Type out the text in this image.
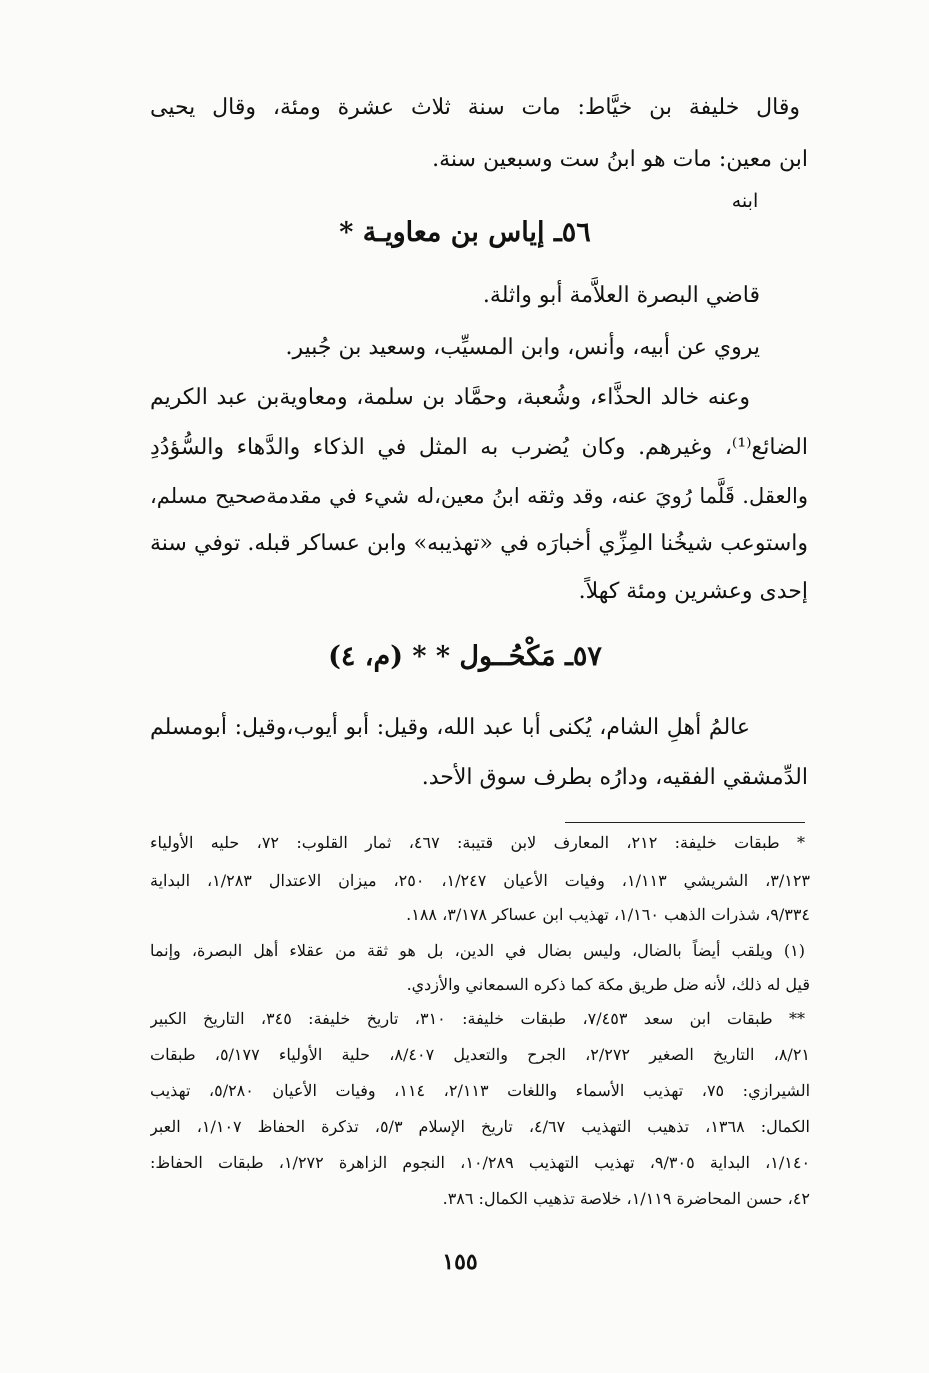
وقال خليفة بن خيَّاط: مات سنة ثلاث عشرة ومئة، وقال يحيى
ابن معين: مات هو ابنُ ست وسبعين سنة.
ابنه
٥٦ـ إياس بن معاويـة *
قاضي البصرة العلاَّمة أبو واثلة.
يروي عن أبيه، وأنس، وابن المسيِّب، وسعيد بن جُبير.
وعنه خالد الحذَّاء، وشُعبة، وحمَّاد بن سلمة، ومعاويةبن عبد الكريم
الضائع⁽¹⁾، وغيرهم. وكان يُضرب به المثل في الذكاء والدَّهاء والسُّؤدُدِ
والعقل. قَلَّما رُويَ عنه، وقد وثقه ابنُ معين،له شيء في مقدمةصحيح مسلم،
واستوعب شيخُنا المِزِّي أخبارَه في «تهذيبه» وابن عساكر قبله. توفي سنة
إحدى وعشرين ومئة كهلاً.
٥٧ـ مَكْحُــول * * (م، ٤)
عالمُ أهلِ الشام، يُكنى أبا عبد الله، وقيل: أبو أيوب،وقيل: أبومسلم
الدِّمشقي الفقيه، ودارُه بطرف سوق الأحد.
* طبقات خليفة: ٢١٢، المعارف لابن قتيبة: ٤٦٧، ثمار القلوب: ٧٢، حليه الأولياء
٣/١٢٣، الشريشي ١/١١٣، وفيات الأعيان ١/٢٤٧، ٢٥٠، ميزان الاعتدال ١/٢٨٣، البداية
٩/٣٣٤، شذرات الذهب ١/١٦٠، تهذيب ابن عساكر ٣/١٧٨، ١٨٨.
(١) ويلقب أيضاً بالضال، وليس بضال في الدين، بل هو ثقة من عقلاء أهل البصرة، وإنما
قيل له ذلك، لأنه ضل طريق مكة كما ذكره السمعاني والأزدي.
** طبقات ابن سعد ٧/٤٥٣، طبقات خليفة: ٣١٠، تاريخ خليفة: ٣٤٥، التاريخ الكبير
٨/٢١، التاريخ الصغير ٢/٢٧٢، الجرح والتعديل ٨/٤٠٧، حلية الأولياء ٥/١٧٧، طبقات
الشيرازي: ٧٥، تهذيب الأسماء واللغات ٢/١١٣، ١١٤، وفيات الأعيان ٥/٢٨٠، تهذيب
الكمال: ١٣٦٨، تذهيب التهذيب ٤/٦٧، تاريخ الإسلام ٥/٣، تذكرة الحفاظ ١/١٠٧، العبر
١/١٤٠، البداية ٩/٣٠٥، تهذيب التهذيب ١٠/٢٨٩، النجوم الزاهرة ١/٢٧٢، طبقات الحفاظ:
٤٢، حسن المحاضرة ١/١١٩، خلاصة تذهيب الكمال: ٣٨٦.
١٥٥
